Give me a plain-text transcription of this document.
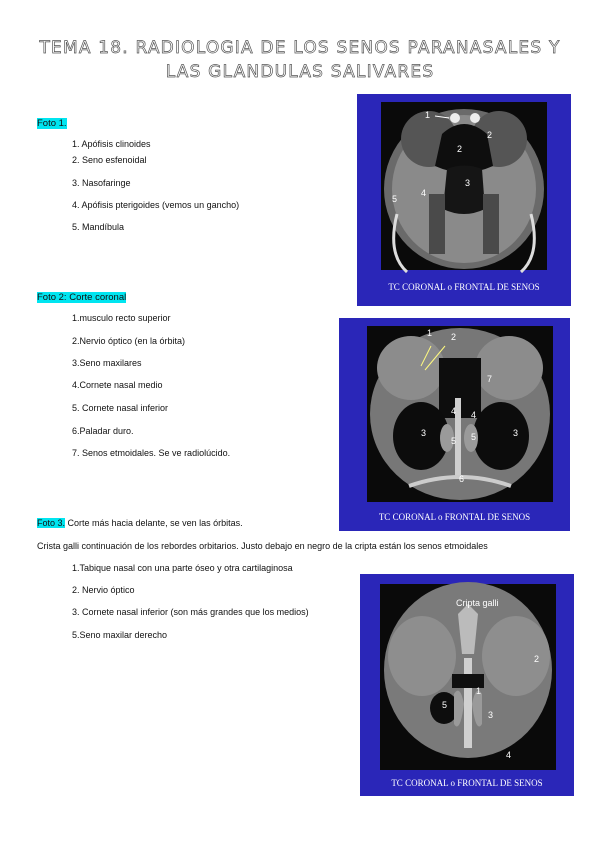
TEMA 18. RADIOLOGIA DE LOS SENOS PARANASALES Y
LAS GLANDULAS SALIVARES
Foto 1.
1. Apófisis clinoides
2. Seno esfenoidal
3. Nasofaringe
4. Apófisis pterigoides (vemos un gancho)
5. Mandíbula
1
2
2
3
4
5
TC CORONAL o FRONTAL DE SENOS
Foto 2: Corte coronal
1.musculo recto superior
2.Nervio óptico (en la órbita)
3.Seno maxilares
4.Cornete nasal medio
5. Cornete nasal inferior
6.Paladar duro.
7. Senos etmoidales. Se ve radiolúcido.
1 2
7
4 4
3
5 5	3
6
TC CORONAL o FRONTAL DE SENOS
Foto 3. Corte más hacia delante, se ven las órbitas.
Crista galli continuación de los rebordes orbitarios. Justo debajo en negro de la cripta están los senos etmoidales
1.Tabique nasal con una parte óseo y otra cartilaginosa
2. Nervio óptico
3. Cornete nasal inferior (son más grandes que los medios)
5.Seno maxilar derecho
Cripta galli
2
1
5
3
4
TC CORONAL o FRONTAL DE SENOS
